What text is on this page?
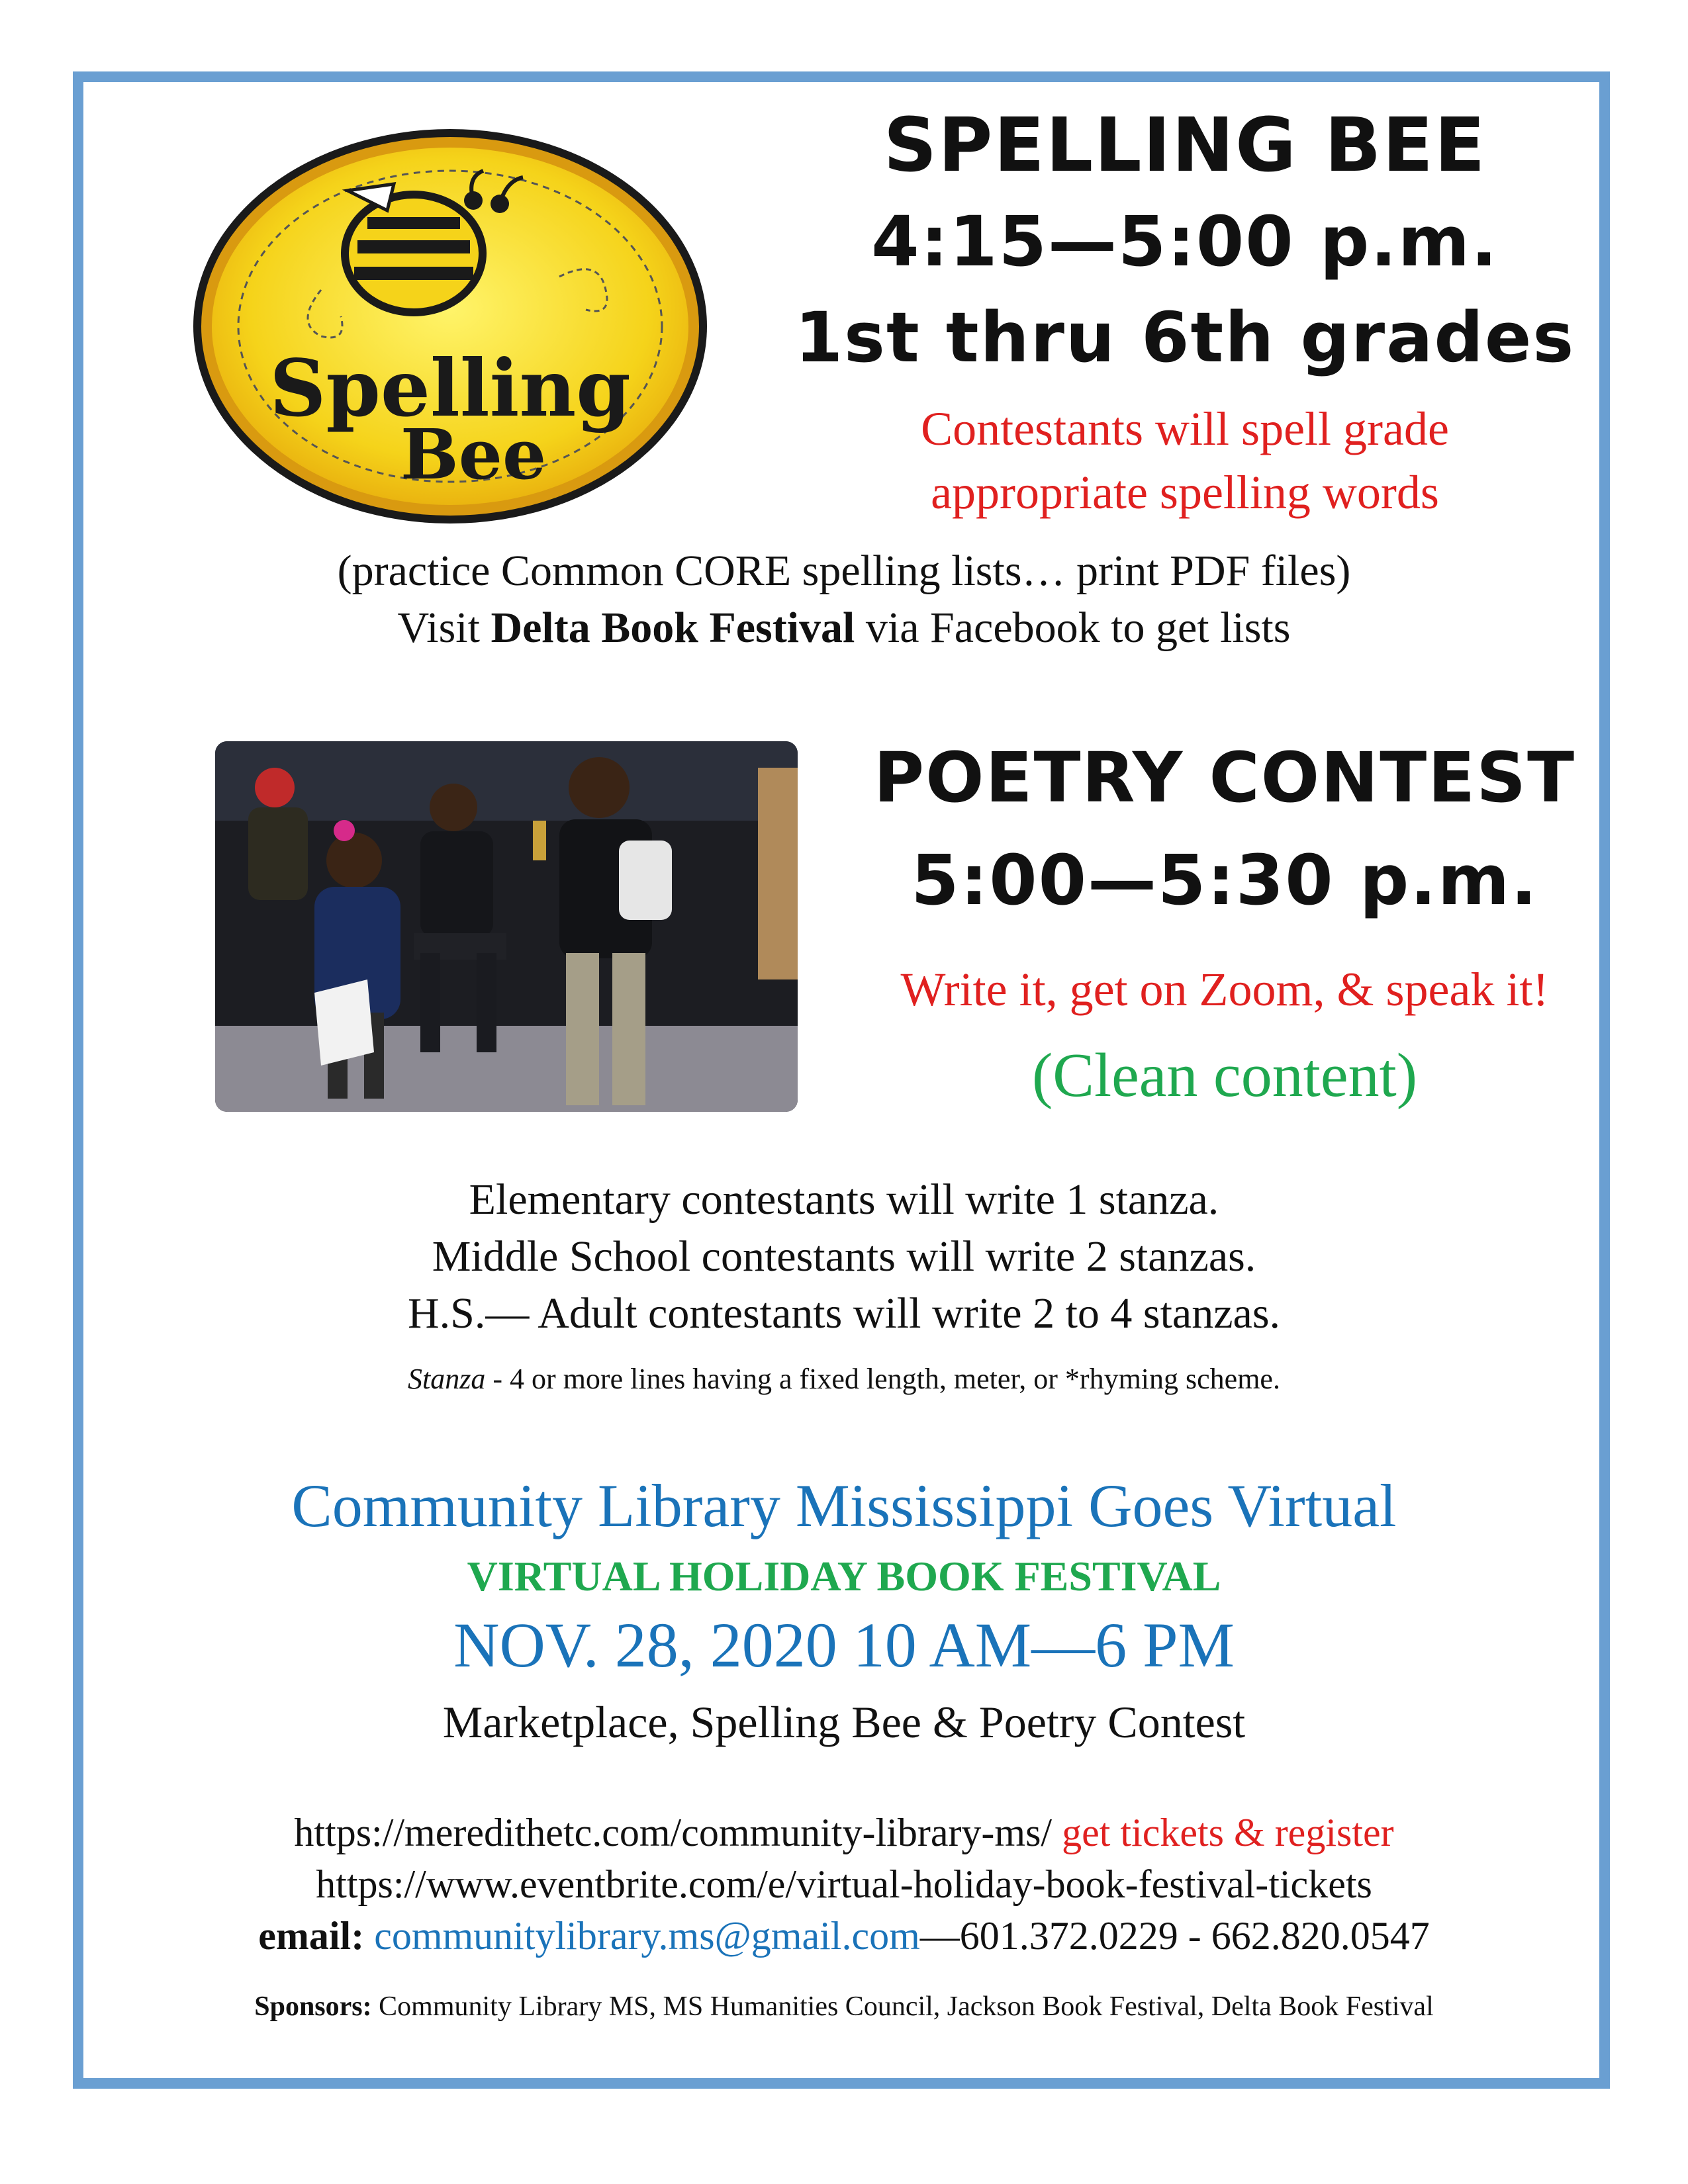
Spelling
Bee
SPELLING BEE
4:15—5:00 p.m.
1st thru 6th grades
Contestants will spell grade
appropriate spelling words
(practice Common CORE spelling lists… print PDF files)
Visit Delta Book Festival via Facebook to get lists
POETRY CONTEST
5:00—5:30 p.m.
Write it, get on Zoom, & speak it!
(Clean content)
Elementary contestants will write 1 stanza.
Middle School contestants will write 2 stanzas.
H.S.— Adult contestants will write 2 to 4 stanzas.
Stanza - 4 or more lines having a fixed length, meter, or *rhyming scheme.
Community Library Mississippi Goes Virtual
VIRTUAL HOLIDAY BOOK FESTIVAL
NOV. 28, 2020 10 AM—6 PM
Marketplace, Spelling Bee & Poetry Contest
https://meredithetc.com/community-library-ms/ get tickets & register
https://www.eventbrite.com/e/virtual-holiday-book-festival-tickets
email: communitylibrary.ms@gmail.com—601.372.0229 - 662.820.0547
Sponsors: Community Library MS, MS Humanities Council, Jackson Book Festival, Delta Book Festival
